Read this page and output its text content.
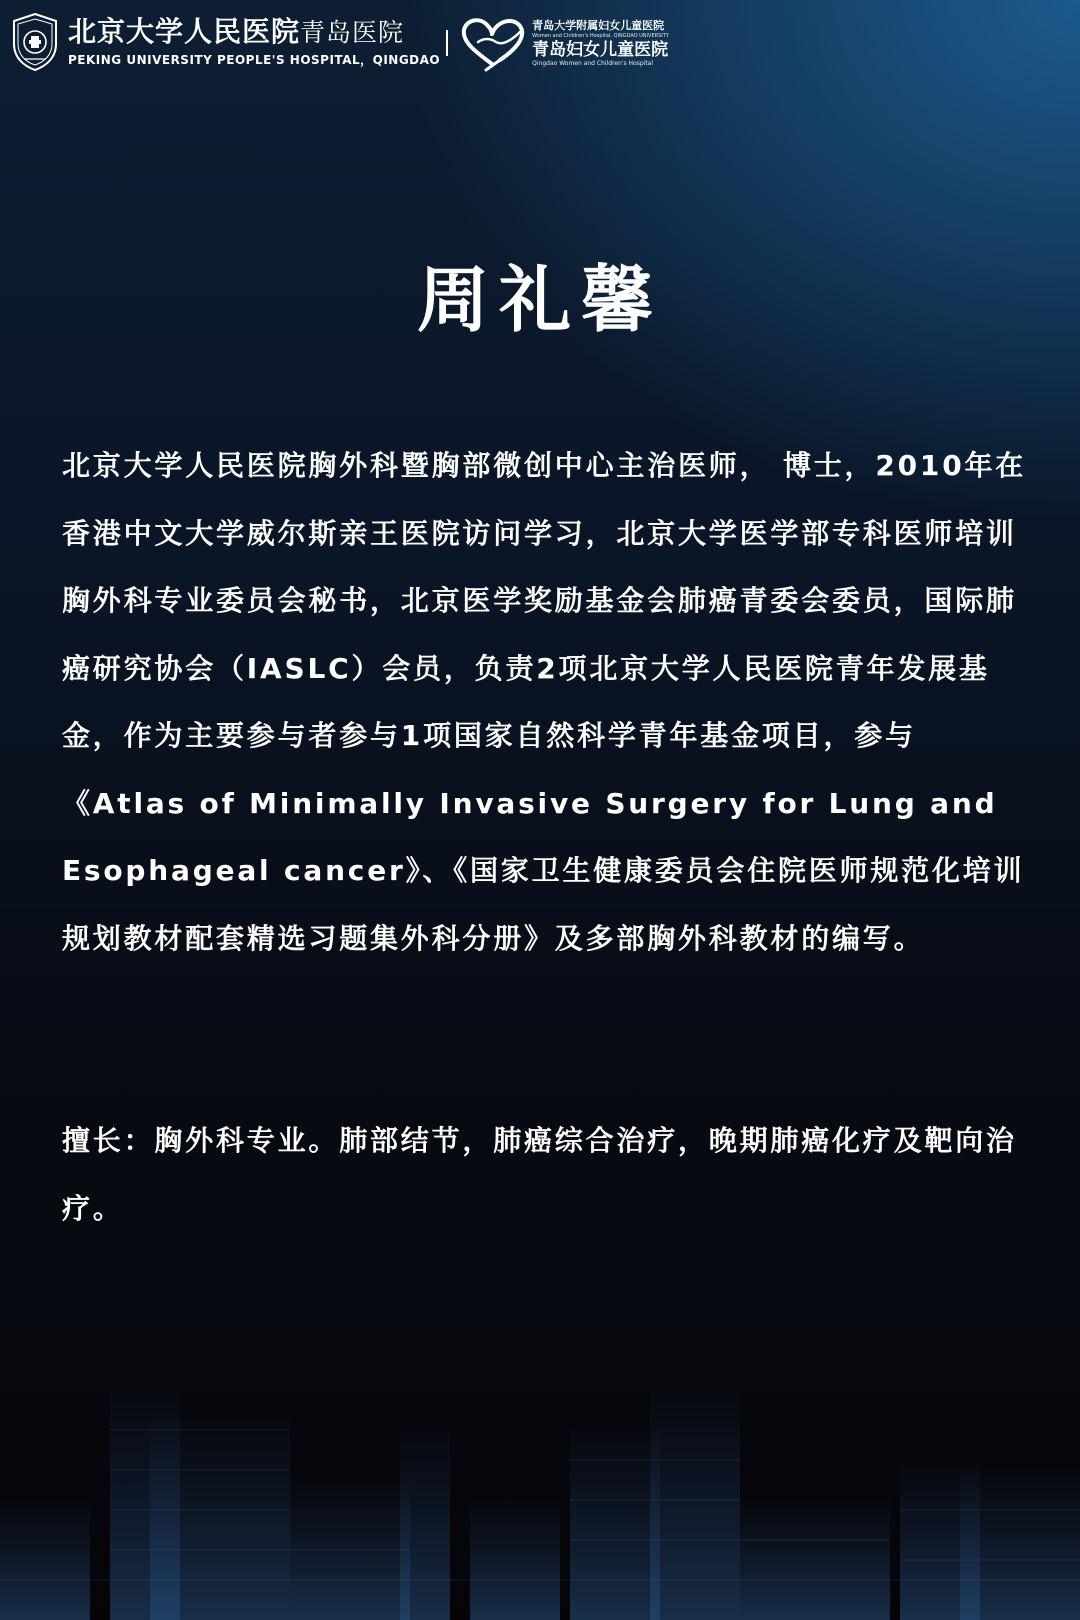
北京大学人民医院青岛医院
PEKING UNIVERSITY PEOPLE'S HOSPITAL，QINGDAO
青岛大学附属妇女儿童医院
Women and Children's Hospital, QINGDAO UNIVERSITY
青岛妇女儿童医院
Qingdao Women and Children's Hospital
周礼馨

北京大学人民医院胸外科暨胸部微创中心主治医师， 博士，2010年在香港中文大学威尔斯亲王医院访问学习，北京大学医学部专科医师培训胸外科专业委员会秘书，北京医学奖励基金会肺癌青委会委员，国际肺癌研究协会（IASLC）会员，负责2项北京大学人民医院青年发展基金，作为主要参与者参与1项国家自然科学青年基金项目，参与《Atlas of Minimally Invasive Surgery for Lung and Esophageal cancer》、《国家卫生健康委员会住院医师规范化培训规划教材配套精选习题集外科分册》及多部胸外科教材的编写。

擅长：胸外科专业。肺部结节，肺癌综合治疗，晚期肺癌化疗及靶向治疗。
